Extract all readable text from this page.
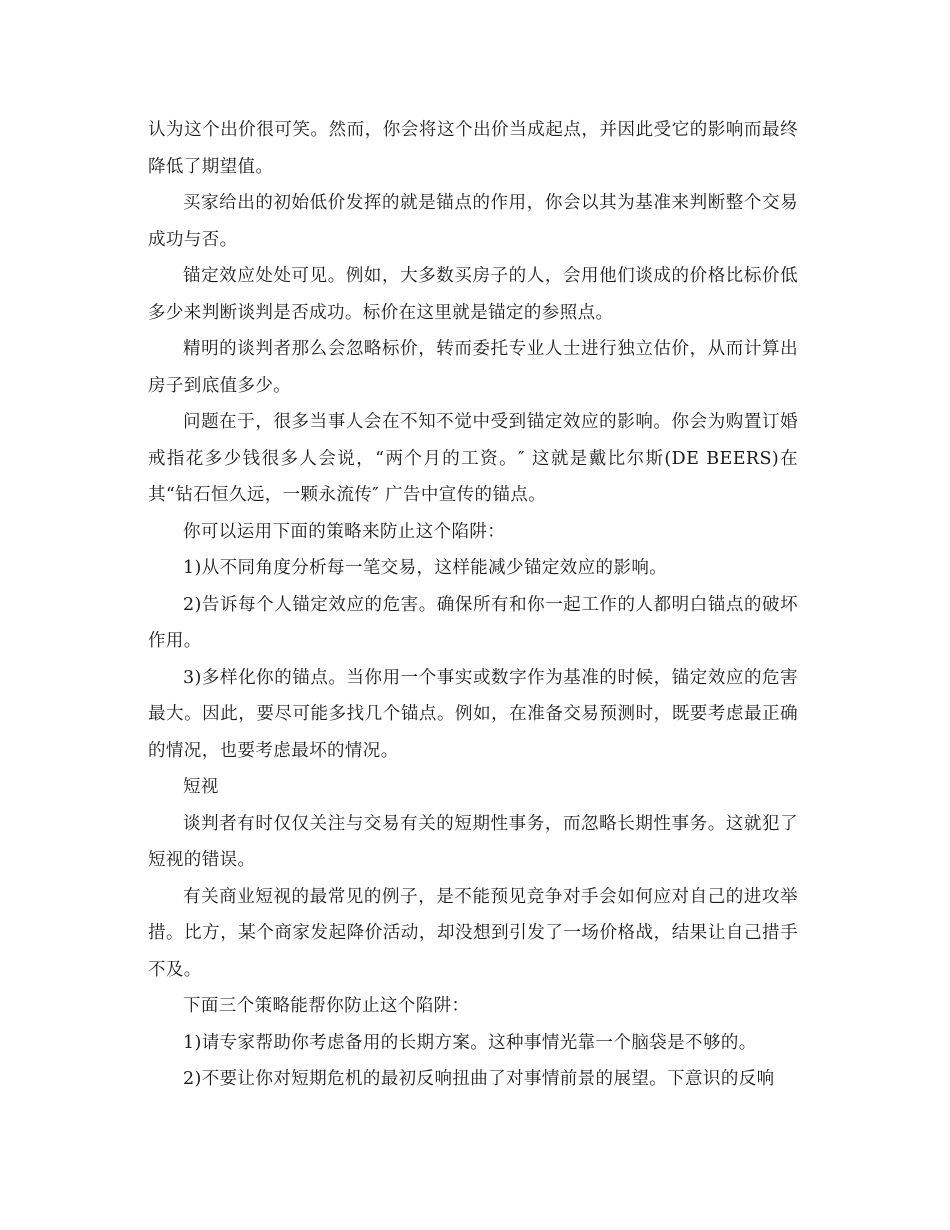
认为这个出价很可笑。然而，你会将这个出价当成起点，并因此受它的影响而最终降低了期望值。

买家给出的初始低价发挥的就是锚点的作用，你会以其为基准来判断整个交易成功与否。

锚定效应处处可见。例如，大多数买房子的人，会用他们谈成的价格比标价低多少来判断谈判是否成功。标价在这里就是锚定的参照点。

精明的谈判者那么会忽略标价，转而委托专业人士进行独立估价，从而计算出房子到底值多少。

问题在于，很多当事人会在不知不觉中受到锚定效应的影响。你会为购置订婚戒指花多少钱很多人会说，“两个月的工资。″ 这就是戴比尔斯(DE BEERS)在其“钻石恒久远，一颗永流传″ 广告中宣传的锚点。

你可以运用下面的策略来防止这个陷阱：

1)从不同角度分析每一笔交易，这样能减少锚定效应的影响。

2)告诉每个人锚定效应的危害。确保所有和你一起工作的人都明白锚点的破坏作用。

3)多样化你的锚点。当你用一个事实或数字作为基准的时候，锚定效应的危害最大。因此，要尽可能多找几个锚点。例如，在准备交易预测时，既要考虑最正确的情况，也要考虑最坏的情况。

短视

谈判者有时仅仅关注与交易有关的短期性事务，而忽略长期性事务。这就犯了短视的错误。

有关商业短视的最常见的例子，是不能预见竞争对手会如何应对自己的进攻举措。比方，某个商家发起降价活动，却没想到引发了一场价格战，结果让自己措手不及。

下面三个策略能帮你防止这个陷阱：

1)请专家帮助你考虑备用的长期方案。这种事情光靠一个脑袋是不够的。

2)不要让你对短期危机的最初反响扭曲了对事情前景的展望。下意识的反响
